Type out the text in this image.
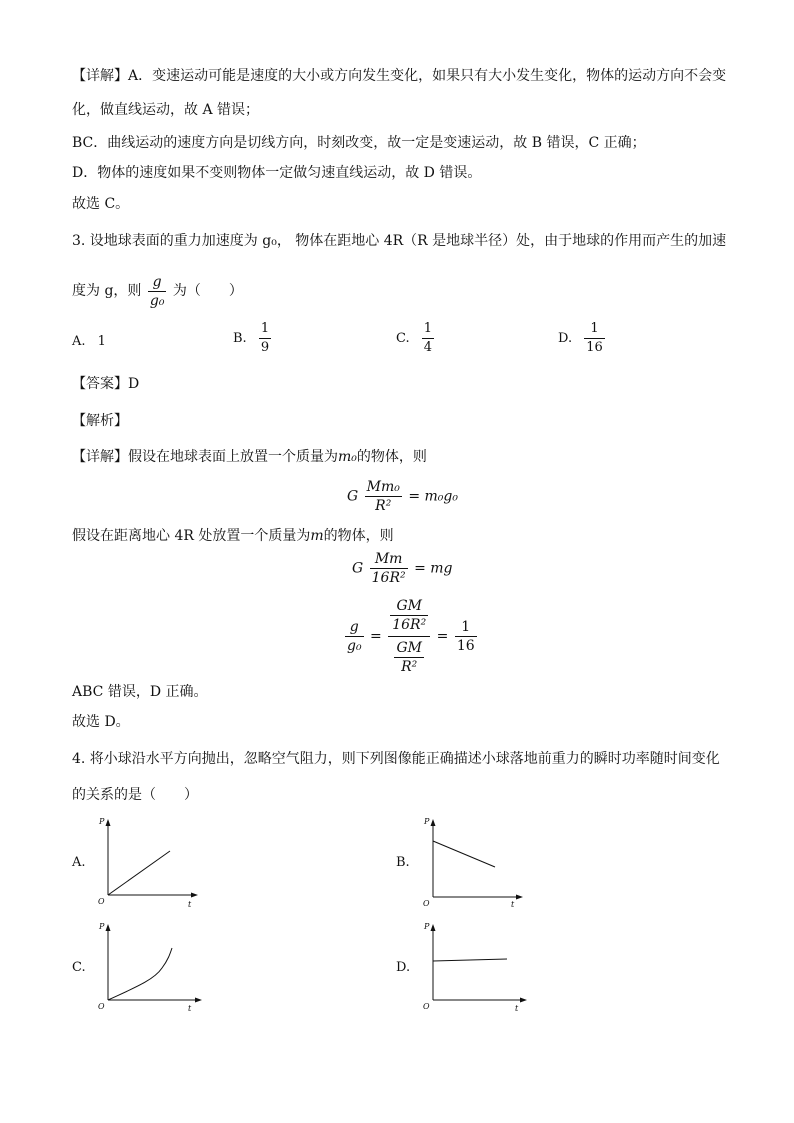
【详解】A．变速运动可能是速度的大小或方向发生变化，如果只有大小发生变化，物体的运动方向不会变
化，做直线运动，故 A 错误；
BC．曲线运动的速度方向是切线方向，时刻改变，故一定是变速运动，故 B 错误，C 正确；
D．物体的速度如果不变则物体一定做匀速直线运动，故 D 错误。
故选 C。
3. 设地球表面的重力加速度为 g₀， 物体在距地心 4R（R 是地球半径）处，由于地球的作用而产生的加速
度为 g，则 $\frac{g}{\text{g₀}}$ 为（　　）
A. 1	B. $\frac{1}{9}$	C. $\frac{1}{4}$	D. $\frac{1}{16}$
【答案】D
【解析】
【详解】假设在地球表面上放置一个质量为m₀的物体，则
G $\frac{\text{Mm₀}}{\text{R²}} = m_0g_0$
假设在距离地心 4R 处放置一个质量为m的物体，则
G $\frac{Mm}{\text{16R²}}$ = mg
$\frac{g}{\text{g₀}} = \frac{\frac{GM}{\text{16R²}}}{\frac{GM}{\text{R²}}} = \frac{1}{16}$
ABC 错误，D 正确。
故选 D。
4. 将小球沿水平方向抛出，忽略空气阻力，则下列图像能正确描述小球落地前重力的瞬时功率随时间变化
的关系的是（　　）
A.
P
t
O
B.
P
t
O
C.
P
t
O
D.
P
t
O
